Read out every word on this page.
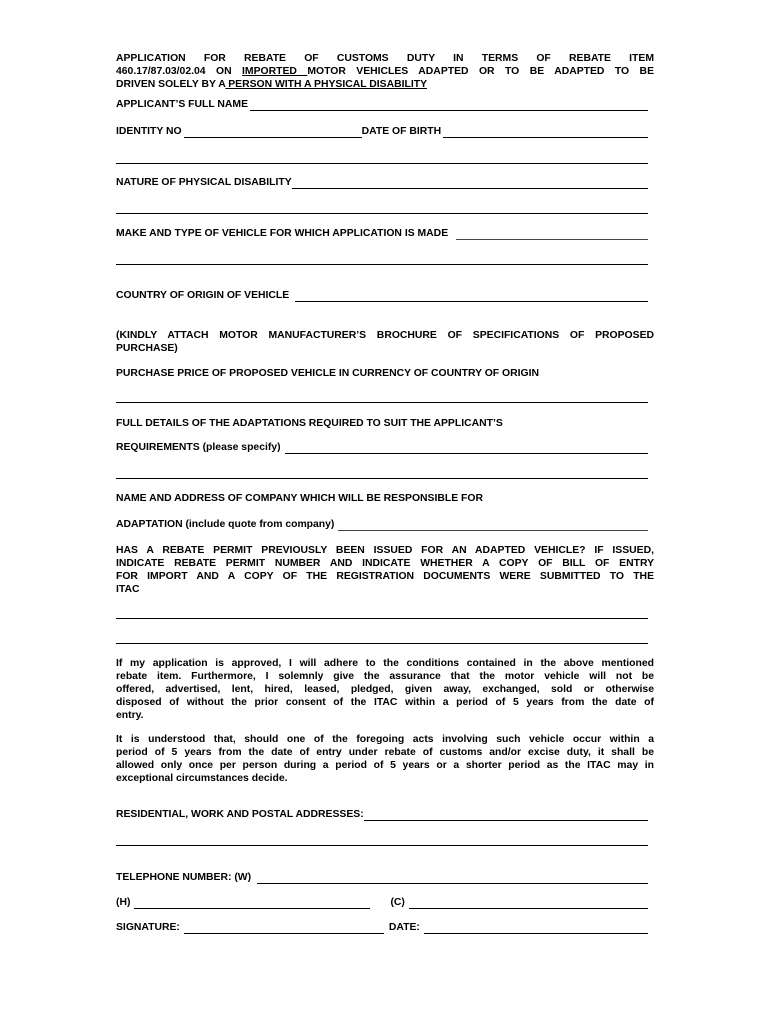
APPLICATION FOR REBATE OF CUSTOMS DUTY IN TERMS OF REBATE ITEM
460.17/87.03/02.04 ON IMPORTED MOTOR VEHICLES ADAPTED OR TO BE ADAPTED TO BE
DRIVEN SOLELY BY A PERSON WITH A PHYSICAL DISABILITY
APPLICANT’S FULL NAME
IDENTITY NO	DATE OF BIRTH
NATURE OF PHYSICAL DISABILITY
MAKE AND TYPE OF VEHICLE FOR WHICH APPLICATION IS MADE
COUNTRY OF ORIGIN OF VEHICLE
(KINDLY ATTACH MOTOR MANUFACTURER’S BROCHURE OF SPECIFICATIONS OF PROPOSED
PURCHASE)
PURCHASE PRICE OF PROPOSED VEHICLE IN CURRENCY OF COUNTRY OF ORIGIN
FULL DETAILS OF THE ADAPTATIONS REQUIRED TO SUIT THE APPLICANT’S
REQUIREMENTS (please specify)
NAME AND ADDRESS OF COMPANY WHICH WILL BE RESPONSIBLE FOR
ADAPTATION (include quote from company)
HAS A REBATE PERMIT PREVIOUSLY BEEN ISSUED FOR AN ADAPTED VEHICLE? IF ISSUED,
INDICATE REBATE PERMIT NUMBER AND INDICATE WHETHER A COPY OF BILL OF ENTRY
FOR IMPORT AND A COPY OF THE REGISTRATION DOCUMENTS WERE SUBMITTED TO THE
ITAC
If my application is approved, I will adhere to the conditions contained in the above mentioned
rebate item. Furthermore, I solemnly give the assurance that the motor vehicle will not be
offered, advertised, lent, hired, leased, pledged, given away, exchanged, sold or otherwise
disposed of without the prior consent of the ITAC within a period of 5 years from the date of
entry.
It is understood that, should one of the foregoing acts involving such vehicle occur within a
period of 5 years from the date of entry under rebate of customs and/or excise duty, it shall be
allowed only once per person during a period of 5 years or a shorter period as the ITAC may in
exceptional circumstances decide.
RESIDENTIAL, WORK AND POSTAL ADDRESSES:
TELEPHONE NUMBER: (W)
(H)	(C)
SIGNATURE:	DATE:
